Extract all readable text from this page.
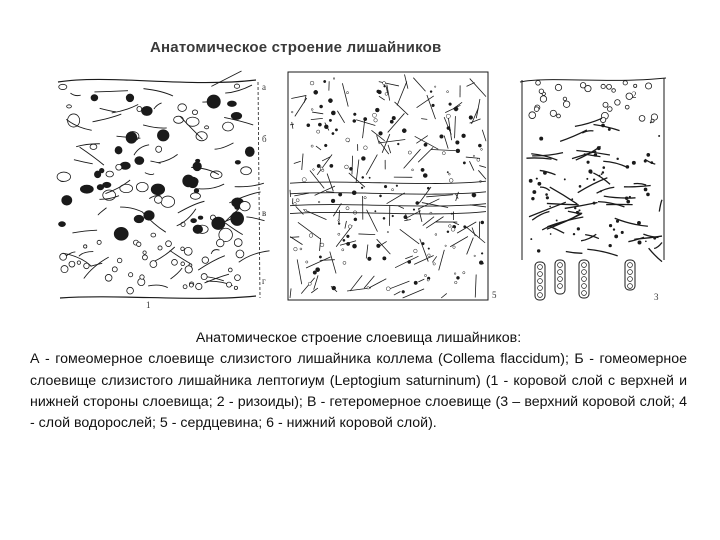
Анатомическое строение лишайников
а
б
в
г
1
5
2
3

Анатомическое строение слоевища лишайников:

А - гомеомерное слоевище слизистого лишайника коллема (Collema flaccidum); Б - гомеомерное слоевище слизистого лишайника лептогиум (Leptogium saturninum) (1 - коровой слой с верхней и нижней стороны слоевища; 2 - ризоиды); В - гетеромерное слоевище (3 – верхний коровой слой; 4 - слой водорослей; 5 - сердцевина; 6 - нижний коровой слой).
